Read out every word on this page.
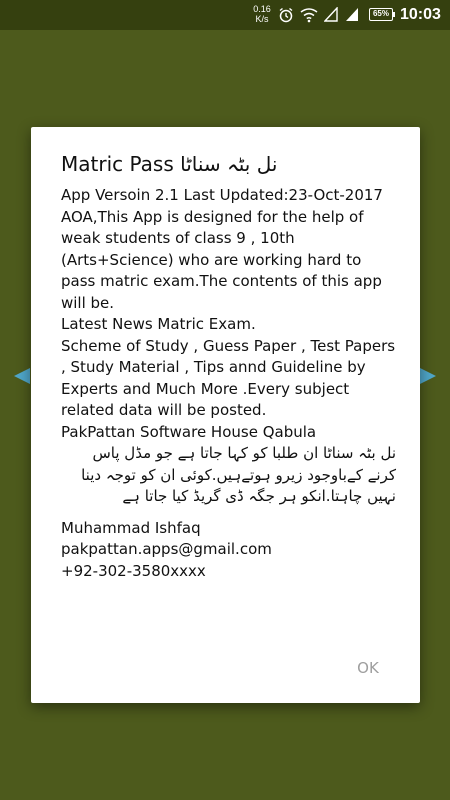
0.16
K/s
65% 10:03
Matric Pass نل بٹہ سناٹا
App Versoin 2.1 Last Updated:23-Oct-2017
AOA,This App is designed for the help of weak students of class 9 , 10th (Arts+Science) who are working hard to pass matric exam.The contents of this app will be.
Latest News Matric Exam.
Scheme of Study , Guess Paper , Test Papers , Study Material , Tips annd Guideline by Experts and Much More .Every subject related data will be posted.
PakPattan Software House Qabula
نل بٹہ سناٹا ان طلبا کو کہا جاتا ہے جو مڈل پاس کرنے کےباوجود زیرو ہوتےہیں.کوئی ان کو توجہ دینا نہیں چاہتا.انکو ہر جگہ ڈی گریڈ کیا جاتا ہے
Muhammad Ishfaq
pakpattan.apps@gmail.com
+92-302-3580xxxx
OK
